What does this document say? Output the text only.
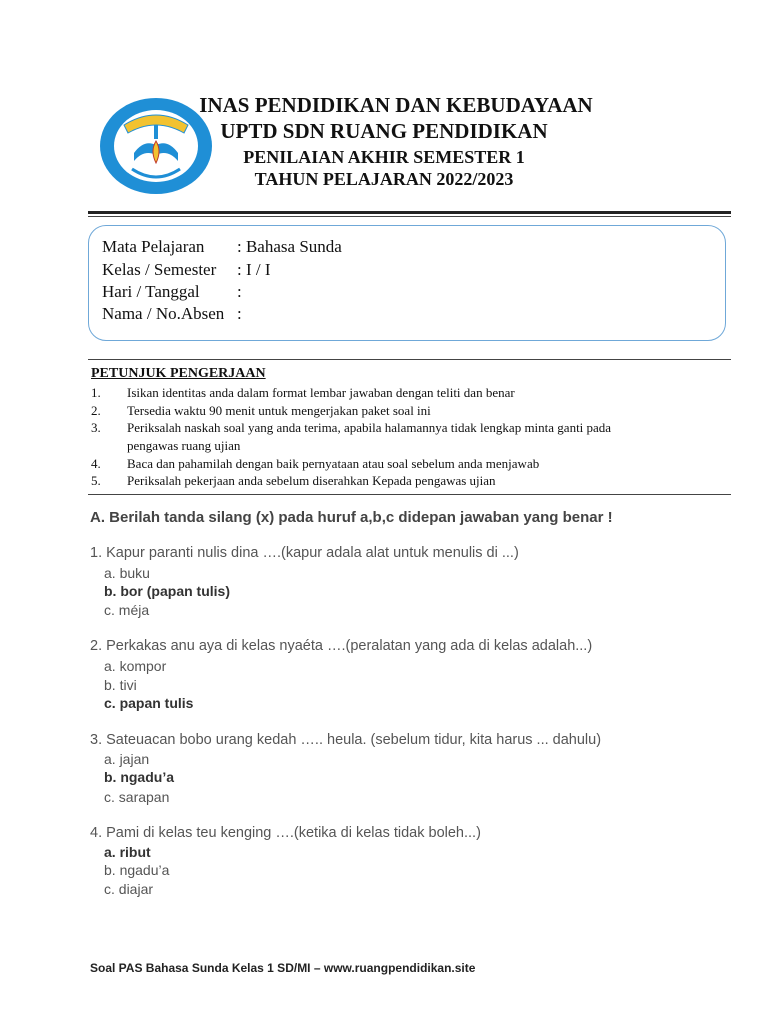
INAS PENDIDIKAN DAN KEBUDAYAAN
UPTD SDN RUANG PENDIDIKAN
PENILAIAN AKHIR SEMESTER 1
TAHUN PELAJARAN 2022/2023
Mata Pelajaran : Bahasa Sunda
Kelas / Semester : I / I
Hari / Tanggal :
Nama / No.Absen :
PETUNJUK PENGERJAAN
1. Isikan identitas anda dalam format lembar jawaban dengan teliti dan benar
2. Tersedia waktu 90 menit untuk mengerjakan paket soal ini
3. Periksalah naskah soal yang anda terima, apabila halamannya tidak lengkap minta ganti pada
pengawas ruang ujian
4. Baca dan pahamilah dengan baik pernyataan atau soal sebelum anda menjawab
5. Periksalah pekerjaan anda sebelum diserahkan Kepada pengawas ujian
A. Berilah tanda silang (x) pada huruf a,b,c didepan jawaban yang benar !
1. Kapur paranti nulis dina ….(kapur adala alat untuk menulis di ...)
a. buku
b. bor (papan tulis)
c. méja
2. Perkakas anu aya di kelas nyaéta ….(peralatan yang ada di kelas adalah...)
a. kompor
b. tivi
c. papan tulis
3. Sateuacan bobo urang kedah ….. heula. (sebelum tidur, kita harus ... dahulu)
a. jajan
b. ngadu’a
c. sarapan
4. Pami di kelas teu kenging ….(ketika di kelas tidak boleh...)
a. ribut
b. ngadu’a
c. diajar
Soal PAS Bahasa Sunda Kelas 1 SD/MI – www.ruangpendidikan.site
